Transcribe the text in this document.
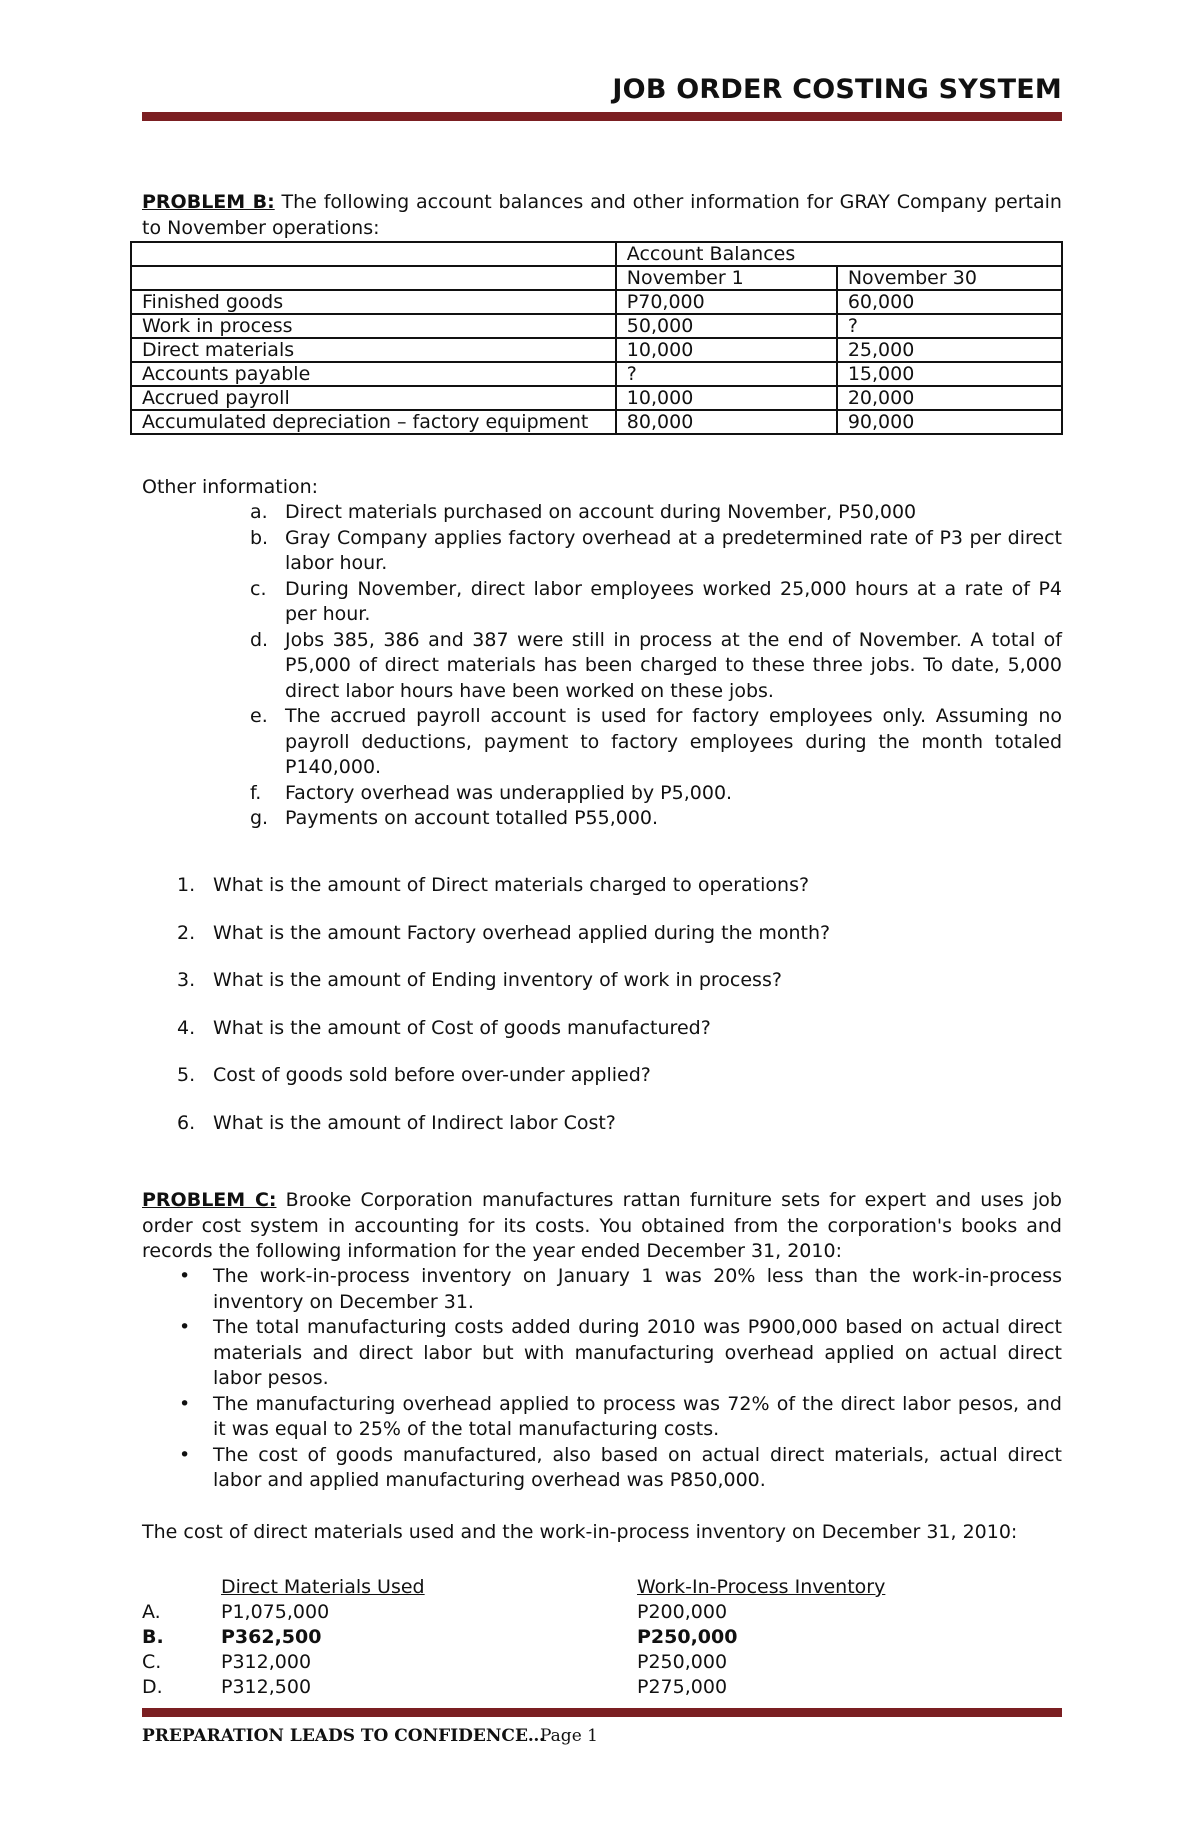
JOB ORDER COSTING SYSTEM
PROBLEM B: The following account balances and other information for GRAY Company pertain to November operations:
	Account Balances	
	November 1	November 30
Finished goods	P70,000	60,000
Work in process	50,000	?
Direct materials	10,000	25,000
Accounts payable	?	15,000
Accrued payroll	10,000	20,000
Accumulated depreciation – factory equipment	80,000	90,000
Other information:
a. Direct materials purchased on account during November, P50,000
b. Gray Company applies factory overhead at a predetermined rate of P3 per direct labor hour.
c. During November, direct labor employees worked 25,000 hours at a rate of P4 per hour.
d. Jobs 385, 386 and 387 were still in process at the end of November. A total of P5,000 of direct materials has been charged to these three jobs. To date, 5,000 direct labor hours have been worked on these jobs.
e. The accrued payroll account is used for factory employees only. Assuming no payroll deductions, payment to factory employees during the month totaled P140,000.
f. Factory overhead was underapplied by P5,000.
g. Payments on account totalled P55,000.
1. What is the amount of Direct materials charged to operations?
2. What is the amount Factory overhead applied during the month?
3. What is the amount of Ending inventory of work in process?
4. What is the amount of Cost of goods manufactured?
5. Cost of goods sold before over-under applied?
6. What is the amount of Indirect labor Cost?
PROBLEM C: Brooke Corporation manufactures rattan furniture sets for expert and uses job order cost system in accounting for its costs. You obtained from the corporation's books and records the following information for the year ended December 31, 2010:
• The work-in-process inventory on January 1 was 20% less than the work-in-process inventory on December 31.
• The total manufacturing costs added during 2010 was P900,000 based on actual direct materials and direct labor but with manufacturing overhead applied on actual direct labor pesos.
• The manufacturing overhead applied to process was 72% of the direct labor pesos, and it was equal to 25% of the total manufacturing costs.
• The cost of goods manufactured, also based on actual direct materials, actual direct labor and applied manufacturing overhead was P850,000.
The cost of direct materials used and the work-in-process inventory on December 31, 2010:
Direct Materials Used	Work-In-Process Inventory
A.	P1,075,000	P200,000
B.	P362,500	P250,000
C.	P312,000	P250,000
D.	P312,500	P275,000
PREPARATION LEADS TO CONFIDENCE…
Page 1
